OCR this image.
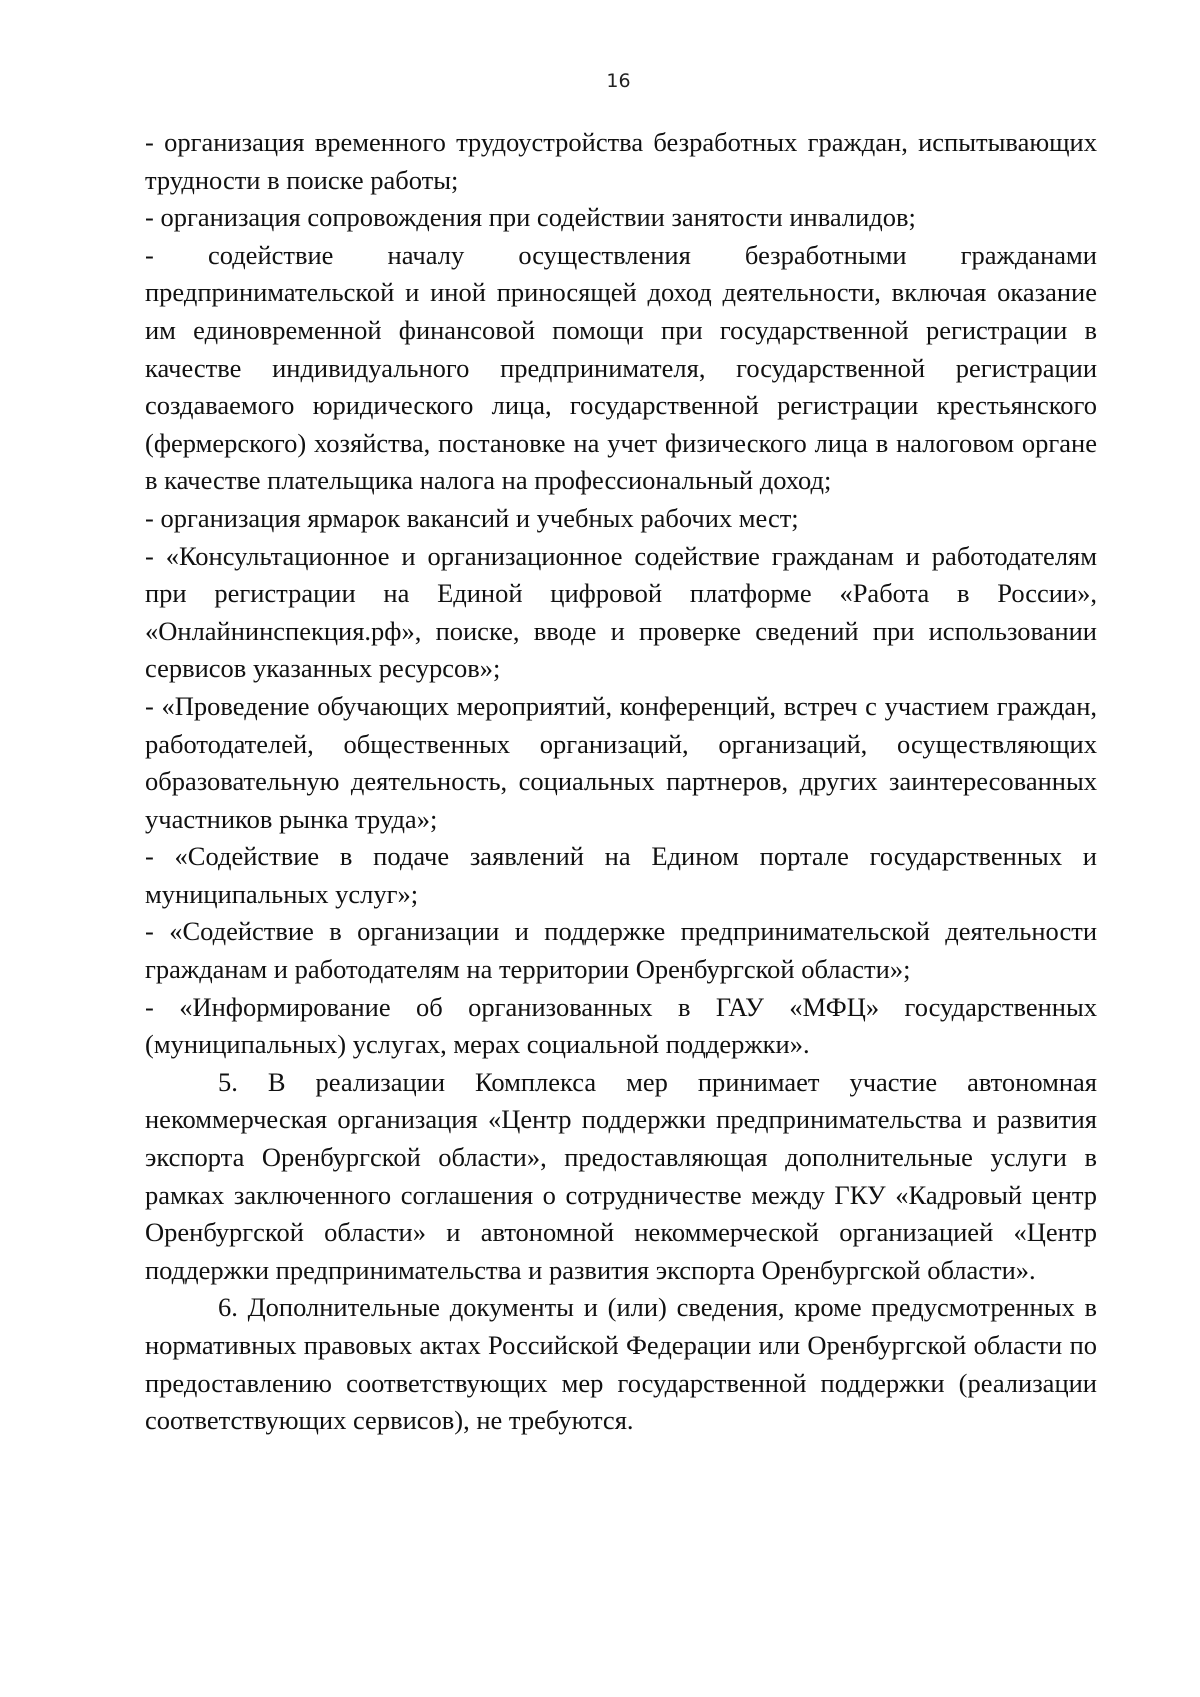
16

- организация временного трудоустройства безработных граждан, испытывающих трудности в поиске работы;

- организация сопровождения при содействии занятости инвалидов;

- содействие началу осуществления безработными гражданами предпринимательской и иной приносящей доход деятельности, включая оказание им единовременной финансовой помощи при государственной регистрации в качестве индивидуального предпринимателя, государственной регистрации создаваемого юридического лица, государственной регистрации крестьянского (фермерского) хозяйства, постановке на учет физического лица в налоговом органе в качестве плательщика налога на профессиональный доход;

- организация ярмарок вакансий и учебных рабочих мест;

- «Консультационное и организационное содействие гражданам и работодателям при регистрации на Единой цифровой платформе «Работа в России», «Онлайнинспекция.рф», поиске, вводе и проверке сведений при использовании сервисов указанных ресурсов»;

- «Проведение обучающих мероприятий, конференций, встреч с участием граждан, работодателей, общественных организаций, организаций, осуществляющих образовательную деятельность, социальных партнеров, других заинтересованных участников рынка труда»;

- «Содействие в подаче заявлений на Едином портале государственных и муниципальных услуг»;

- «Содействие в организации и поддержке предпринимательской деятельности гражданам и работодателям на территории Оренбургской области»;

- «Информирование об организованных в ГАУ «МФЦ» государственных (муниципальных) услугах, мерах социальной поддержки».

5. В реализации Комплекса мер принимает участие автономная некоммерческая организация «Центр поддержки предпринимательства и развития экспорта Оренбургской области», предоставляющая дополнительные услуги в рамках заключенного соглашения о сотрудничестве между ГКУ «Кадровый центр Оренбургской области» и автономной некоммерческой организацией «Центр поддержки предпринимательства и развития экспорта Оренбургской области».

6. Дополнительные документы и (или) сведения, кроме предусмотренных в нормативных правовых актах Российской Федерации или Оренбургской области по предоставлению соответствующих мер государственной поддержки (реализации соответствующих сервисов), не требуются.
